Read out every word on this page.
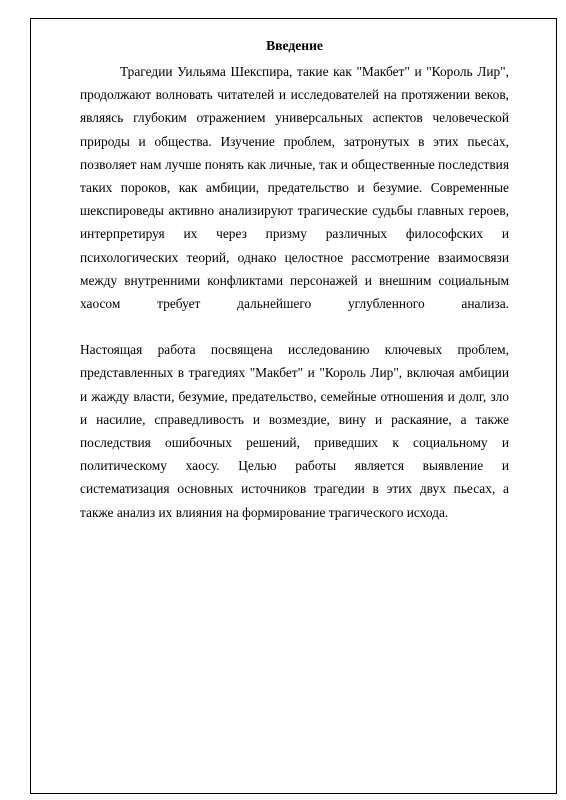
Введение

Трагедии Уильяма Шекспира, такие как "Макбет" и "Король Лир", продолжают волновать читателей и исследователей на протяжении веков, являясь глубоким отражением универсальных аспектов человеческой природы и общества. Изучение проблем, затронутых в этих пьесах, позволяет нам лучше понять как личные, так и общественные последствия таких пороков, как амбиции, предательство и безумие. Современные шекспироведы активно анализируют трагические судьбы главных героев, интерпретируя их через призму различных философских и психологических теорий, однако целостное рассмотрение взаимосвязи между внутренними конфликтами персонажей и внешним социальным хаосом требует дальнейшего углубленного анализа.

Настоящая работа посвящена исследованию ключевых проблем, представленных в трагедиях "Макбет" и "Король Лир", включая амбиции и жажду власти, безумие, предательство, семейные отношения и долг, зло и насилие, справедливость и возмездие, вину и раскаяние, а также последствия ошибочных решений, приведших к социальному и политическому хаосу. Целью работы является выявление и систематизация основных источников трагедии в этих двух пьесах, а также анализ их влияния на формирование трагического исхода.
